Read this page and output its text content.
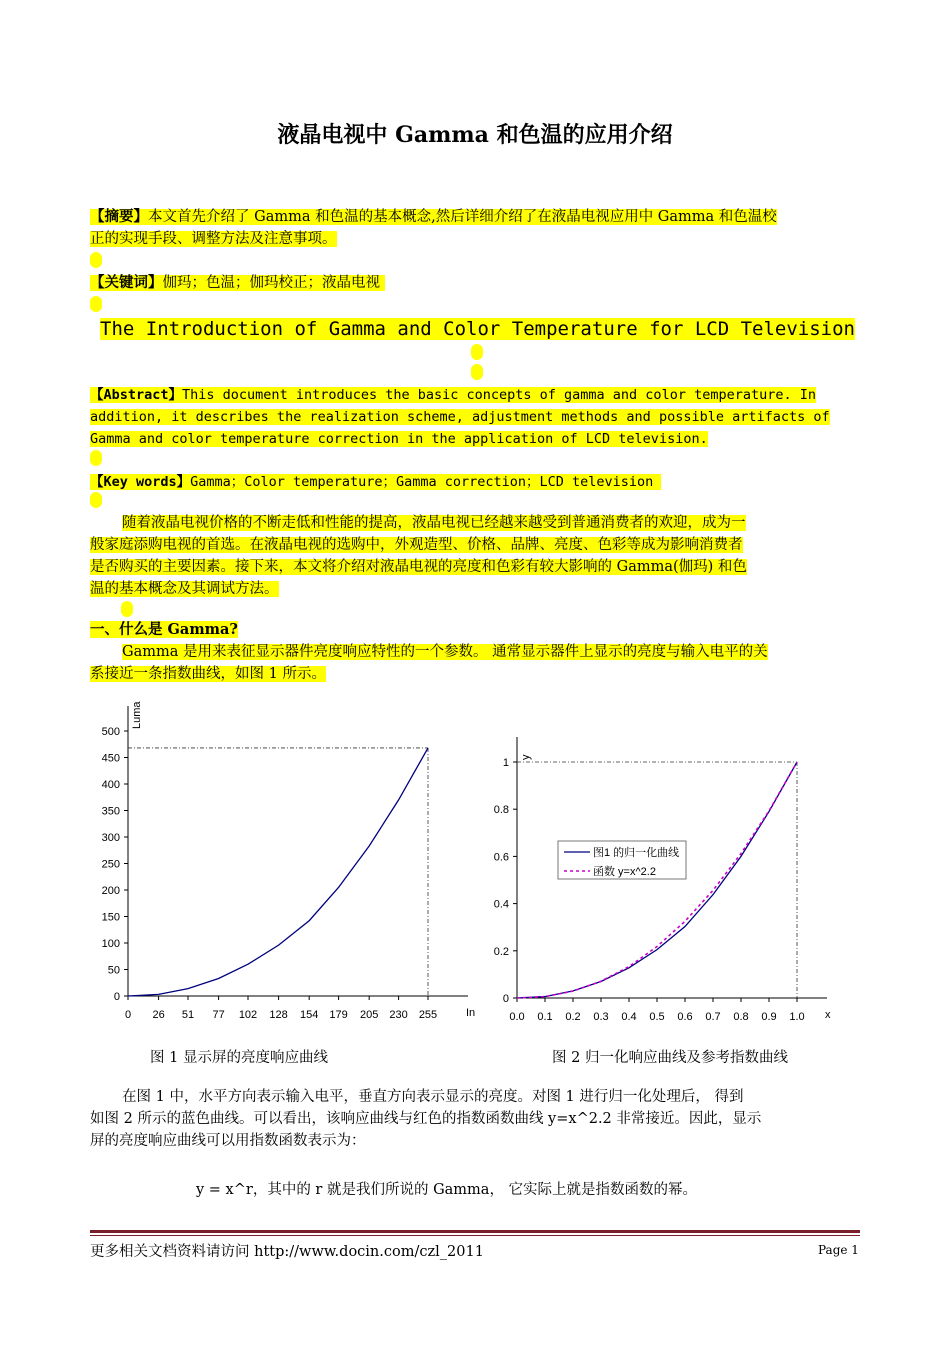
液晶电视中 Gamma 和色温的应用介绍
【摘要】本文首先介绍了 Gamma 和色温的基本概念,然后详细介绍了在液晶电视应用中 Gamma 和色温校
正的实现手段、调整方法及注意事项。
【关键词】伽玛；色温；伽玛校正；液晶电视
The Introduction of Gamma and Color Temperature for LCD Television
【Abstract】This document introduces the basic concepts of gamma and color temperature. In
addition, it describes the realization scheme, adjustment methods and possible artifacts of
Gamma and color temperature correction in the application of LCD television.
【Key words】Gamma；Color temperature；Gamma correction；LCD television
随着液晶电视价格的不断走低和性能的提高，液晶电视已经越来越受到普通消费者的欢迎，成为一
般家庭添购电视的首选。在液晶电视的选购中，外观造型、价格、品牌、亮度、色彩等成为影响消费者
是否购买的主要因素。接下来，本文将介绍对液晶电视的亮度和色彩有较大影响的 Gamma(伽玛) 和色
温的基本概念及其调试方法。
一、什么是 Gamma?
Gamma 是用来表征显示器件亮度响应特性的一个参数。 通常显示器件上显示的亮度与输入电平的关
系接近一条指数曲线，如图 1 所示。
0
50
100
150
200
250
300
350
400
450
500
0 26 51 77 102 128 154 179 205 230 255	In
Luma
0
0.2
0.4
0.6
0.8
1
0.0 0.1 0.2 0.3 0.4 0.5 0.6 0.7 0.8 0.9 1.0 x
y
图1 的归一化曲线
函数 y=x^2.2
图 1 显示屏的亮度响应曲线	图 2 归一化响应曲线及参考指数曲线
在图 1 中，水平方向表示输入电平，垂直方向表示显示的亮度。对图 1 进行归一化处理后， 得到
如图 2 所示的蓝色曲线。可以看出，该响应曲线与红色的指数函数曲线 y=x^2.2 非常接近。因此，显示
屏的亮度响应曲线可以用指数函数表示为：
y = x^r，其中的 r 就是我们所说的 Gamma， 它实际上就是指数函数的幂。
更多相关文档资料请访问 http://www.docin.com/czl_2011	Page 1
